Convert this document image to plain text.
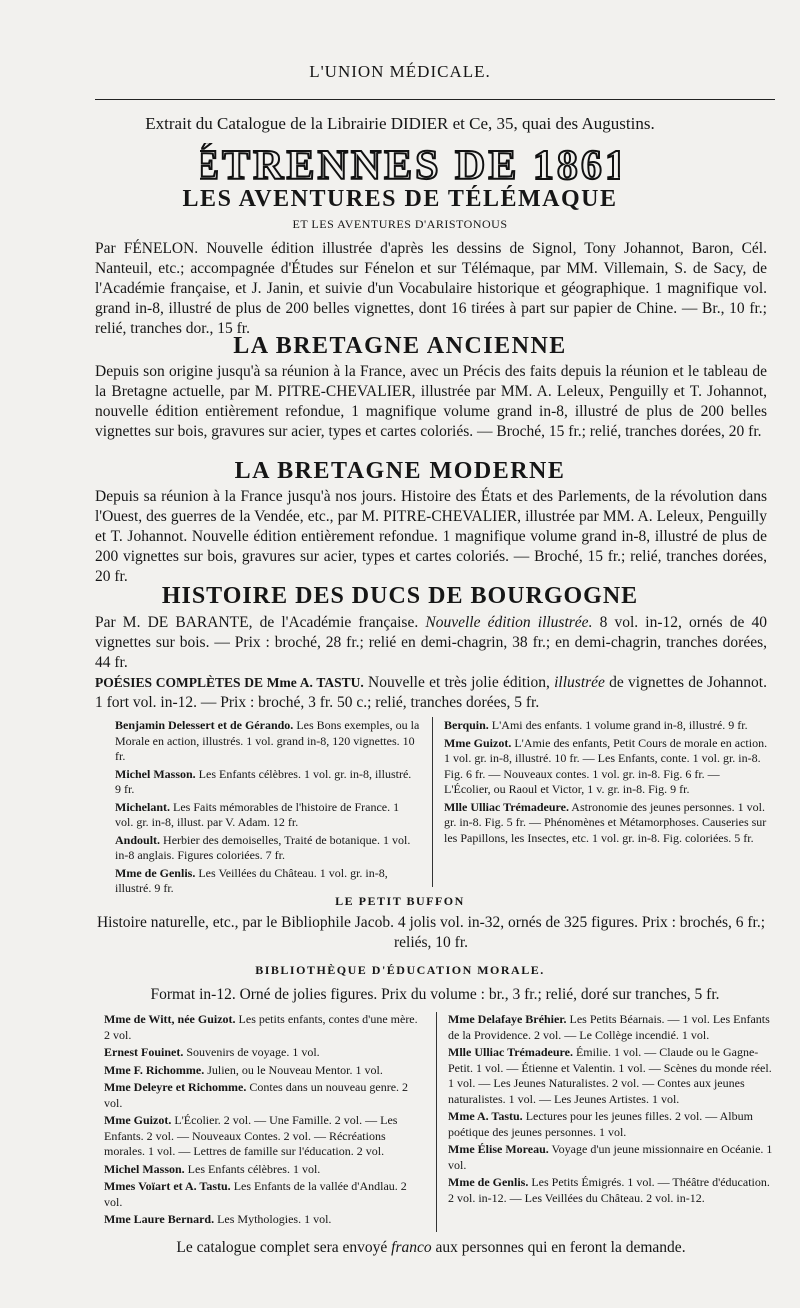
L'UNION MÉDICALE.
Extrait du Catalogue de la Librairie DIDIER et Ce, 35, quai des Augustins.
ÉTRENNES DE 1861
LES AVENTURES DE TÉLÉMAQUE
ET LES AVENTURES D'ARISTONOUS
Par FÉNELON. Nouvelle édition illustrée d'après les dessins de Signol, Tony Johannot, Baron, Cél. Nanteuil, etc.; accompagnée d'Études sur Fénelon et sur Télémaque, par MM. Villemain, S. de Sacy, de l'Académie française, et J. Janin, et suivie d'un Vocabulaire historique et géographique. 1 magnifique vol. grand in-8, illustré de plus de 200 belles vignettes, dont 16 tirées à part sur papier de Chine. — Br., 10 fr.; relié, tranches dor., 15 fr.
LA BRETAGNE ANCIENNE
Depuis son origine jusqu'à sa réunion à la France, avec un Précis des faits depuis la réunion et le tableau de la Bretagne actuelle, par M. PITRE-CHEVALIER, illustrée par MM. A. Leleux, Penguilly et T. Johannot, nouvelle édition entièrement refondue, 1 magnifique volume grand in-8, illustré de plus de 200 belles vignettes sur bois, gravures sur acier, types et cartes coloriés. — Broché, 15 fr.; relié, tranches dorées, 20 fr.
LA BRETAGNE MODERNE
Depuis sa réunion à la France jusqu'à nos jours. Histoire des États et des Parlements, de la révolution dans l'Ouest, des guerres de la Vendée, etc., par M. PITRE-CHEVALIER, illustrée par MM. A. Leleux, Penguilly et T. Johannot. Nouvelle édition entièrement refondue. 1 magnifique volume grand in-8, illustré de plus de 200 vignettes sur bois, gravures sur acier, types et cartes coloriés. — Broché, 15 fr.; relié, tranches dorées, 20 fr.
HISTOIRE DES DUCS DE BOURGOGNE
Par M. DE BARANTE, de l'Académie française. Nouvelle édition illustrée. 8 vol. in-12, ornés de 40 vignettes sur bois. — Prix : broché, 28 fr.; relié en demi-chagrin, 38 fr.; en demi-chagrin, tranches dorées, 44 fr.
POÉSIES COMPLÈTES DE Mme A. TASTU. Nouvelle et très jolie édition, illustrée de vignettes de Johannot. 1 fort vol. in-12. — Prix : broché, 3 fr. 50 c.; relié, tranches dorées, 5 fr.
Benjamin Delessert et de Gérando. Les Bons exemples, ou la Morale en action, illustrés. 1 vol. grand in-8, 120 vignettes. 10 fr.
Michel Masson. Les Enfants célèbres. 1 vol. gr. in-8, illustré. 9 fr.
Michelant. Les Faits mémorables de l'histoire de France. 1 vol. gr. in-8, illust. par V. Adam. 12 fr.
Andoult. Herbier des demoiselles, Traité de botanique. 1 vol. in-8 anglais. Figures coloriées. 7 fr.
Mme de Genlis. Les Veillées du Château. 1 vol. gr. in-8, illustré. 9 fr.
Berquin. L'Ami des enfants. 1 volume grand in-8, illustré. 9 fr.
Mme Guizot. L'Amie des enfants, Petit Cours de morale en action. 1 vol. gr. in-8, illustré. 10 fr. — Les Enfants, conte. 1 vol. gr. in-8. Fig. 6 fr. — Nouveaux contes. 1 vol. gr. in-8. Fig. 6 fr. — L'Écolier, ou Raoul et Victor, 1 v. gr. in-8. Fig. 9 fr.
Mlle Ulliac Trémadeure. Astronomie des jeunes personnes. 1 vol. gr. in-8. Fig. 5 fr. — Phénomènes et Métamorphoses. Causeries sur les Papillons, les Insectes, etc. 1 vol. gr. in-8. Fig. coloriées. 5 fr.
LE PETIT BUFFON
Histoire naturelle, etc., par le Bibliophile Jacob. 4 jolis vol. in-32, ornés de 325 figures. Prix : brochés, 6 fr.; reliés, 10 fr.
BIBLIOTHÈQUE D'ÉDUCATION MORALE.
Format in-12. Orné de jolies figures. Prix du volume : br., 3 fr.; relié, doré sur tranches, 5 fr.
Mme de Witt, née Guizot. Les petits enfants, contes d'une mère. 2 vol.
Ernest Fouinet. Souvenirs de voyage. 1 vol.
Mme F. Richomme. Julien, ou le Nouveau Mentor. 1 vol.
Mme Deleyre et Richomme. Contes dans un nouveau genre. 2 vol.
Mme Guizot. L'Écolier. 2 vol. — Une Famille. 2 vol. — Les Enfants. 2 vol. — Nouveaux Contes. 2 vol. — Récréations morales. 1 vol. — Lettres de famille sur l'éducation. 2 vol.
Michel Masson. Les Enfants célèbres. 1 vol.
Mmes Voïart et A. Tastu. Les Enfants de la vallée d'Andlau. 2 vol.
Mme Laure Bernard. Les Mythologies. 1 vol.
Mme Delafaye Bréhier. Les Petits Béarnais. — 1 vol. Les Enfants de la Providence. 2 vol. — Le Collège incendié. 1 vol.
Mlle Ulliac Trémadeure. Émilie. 1 vol. — Claude ou le Gagne-Petit. 1 vol. — Étienne et Valentin. 1 vol. — Scènes du monde réel. 1 vol. — Les Jeunes Naturalistes. 2 vol. — Contes aux jeunes naturalistes. 1 vol. — Les Jeunes Artistes. 1 vol.
Mme A. Tastu. Lectures pour les jeunes filles. 2 vol. — Album poétique des jeunes personnes. 1 vol.
Mme Élise Moreau. Voyage d'un jeune missionnaire en Océanie. 1 vol.
Mme de Genlis. Les Petits Émigrés. 1 vol. — Théâtre d'éducation. 2 vol. in-12. — Les Veillées du Château. 2 vol. in-12.
Le catalogue complet sera envoyé franco aux personnes qui en feront la demande.
